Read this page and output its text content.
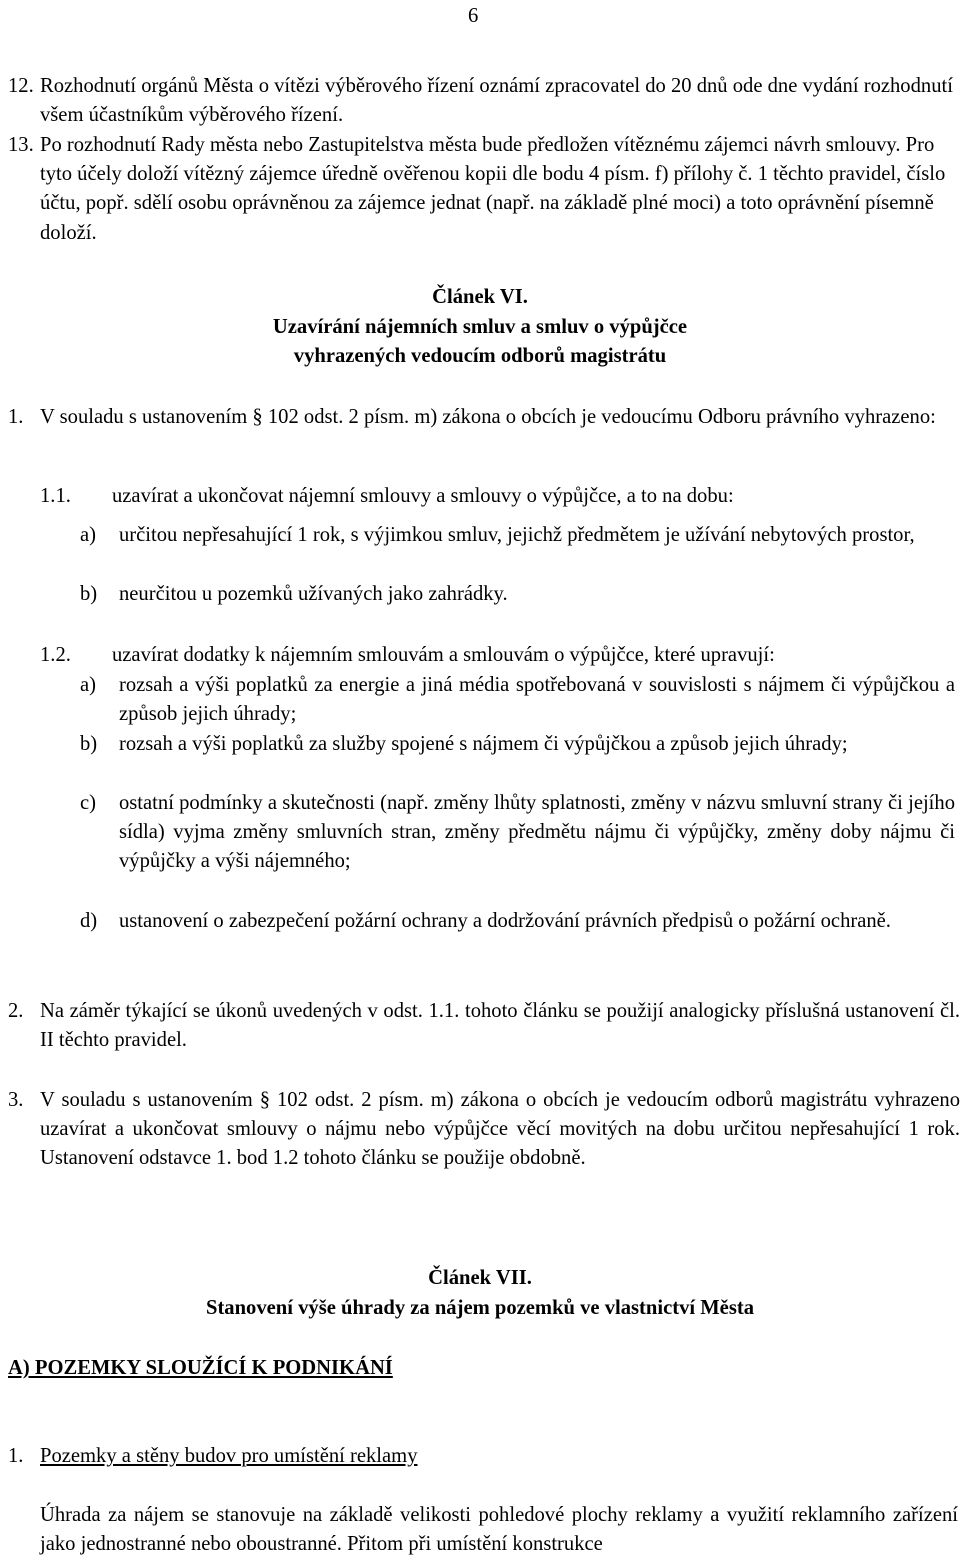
6
12. Rozhodnutí orgánů Města o vítězi výběrového řízení oznámí zpracovatel do 20 dnů ode dne vydání rozhodnutí všem účastníkům výběrového řízení.
13. Po rozhodnutí Rady města nebo Zastupitelstva města bude předložen vítěznému zájemci návrh smlouvy. Pro tyto účely doloží vítězný zájemce úředně ověřenou kopii dle bodu 4 písm. f) přílohy č. 1 těchto pravidel, číslo účtu, popř. sdělí osobu oprávněnou za zájemce jednat (např. na základě plné moci) a toto oprávnění písemně doloží.
Článek VI.
Uzavírání nájemních smluv a smluv o výpůjčce
vyhrazených vedoucím odborů magistrátu
1. V souladu s ustanovením § 102 odst. 2 písm. m) zákona o obcích je vedoucímu Odboru právního vyhrazeno:
1.1. uzavírat a ukončovat nájemní smlouvy a smlouvy o výpůjčce, a to na dobu:
a) určitou nepřesahující 1 rok, s výjimkou smluv, jejichž předmětem je užívání nebytových prostor,
b) neurčitou u pozemků užívaných jako zahrádky.
1.2. uzavírat dodatky k nájemním smlouvám a smlouvám o výpůjčce, které upravují:
a) rozsah a výši poplatků za energie a jiná média spotřebovaná v souvislosti s nájmem či výpůjčkou a způsob jejich úhrady;
b) rozsah a výši poplatků za služby spojené s nájmem či výpůjčkou a způsob jejich úhrady;
c) ostatní podmínky a skutečnosti (např. změny lhůty splatnosti, změny v názvu smluvní strany či jejího sídla) vyjma změny smluvních stran, změny předmětu nájmu či výpůjčky, změny doby nájmu či výpůjčky a výši nájemného;
d) ustanovení o zabezpečení požární ochrany a dodržování právních předpisů o požární ochraně.
2. Na záměr týkající se úkonů uvedených v odst. 1.1. tohoto článku se použijí analogicky příslušná ustanovení čl. II těchto pravidel.
3. V souladu s ustanovením § 102 odst. 2 písm. m) zákona o obcích je vedoucím odborů magistrátu vyhrazeno uzavírat a ukončovat smlouvy o nájmu nebo výpůjčce věcí movitých na dobu určitou nepřesahující 1 rok. Ustanovení odstavce 1. bod 1.2 tohoto článku se použije obdobně.
Článek VII.
Stanovení výše úhrady za nájem pozemků ve vlastnictví Města
A) POZEMKY SLOUŽÍCÍ K PODNIKÁNÍ
1. Pozemky a stěny budov pro umístění reklamy
Úhrada za nájem se stanovuje na základě velikosti pohledové plochy reklamy a využití reklamního zařízení jako jednostranné nebo oboustranné. Přitom při umístění konstrukce
